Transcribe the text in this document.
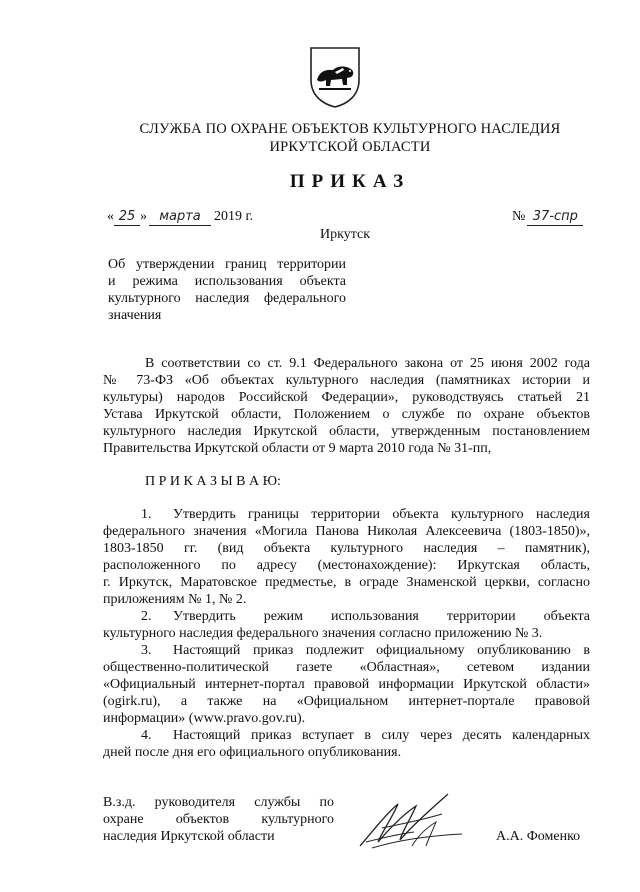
СЛУЖБА ПО ОХРАНЕ ОБЪЕКТОВ КУЛЬТУРНОГО НАСЛЕДИЯ
ИРКУТСКОЙ ОБЛАСТИ
ПРИКАЗ
« 25 » марта 2019 г.	№ 37-спр
Иркутск
Об утверждении границ территории
и режима использования объекта
культурного наследия федерального
значения
В соответствии со ст. 9.1 Федерального закона от 25 июня 2002 года
№ 73-ФЗ «Об объектах культурного наследия (памятниках истории и
культуры) народов Российской Федерации», руководствуясь статьей 21
Устава Иркутской области, Положением о службе по охране объектов
культурного наследия Иркутской области, утвержденным постановлением
Правительства Иркутской области от 9 марта 2010 года № 31-пп,
П Р И К А З Ы В А Ю:
1. Утвердить границы территории объекта культурного наследия
федерального значения «Могила Панова Николая Алексеевича (1803-1850)»,
1803-1850 гг. (вид объекта культурного наследия – памятник),
расположенного по адресу (местонахождение): Иркутская область,
г. Иркутск, Маратовское предместье, в ограде Знаменской церкви, согласно
приложениям № 1, № 2.
2. Утвердить режим использования территории объекта
культурного наследия федерального значения согласно приложению № 3.
3. Настоящий приказ подлежит официальному опубликованию в
общественно-политической газете «Областная», сетевом издании
«Официальный интернет-портал правовой информации Иркутской области»
(ogirk.ru), а также на «Официальном интернет-портале правовой
информации» (www.pravo.gov.ru).
4. Настоящий приказ вступает в силу через десять календарных
дней после дня его официального опубликования.
В.з.д. руководителя службы по
охране объектов культурного
наследия Иркутской области	А.А. Фоменко
